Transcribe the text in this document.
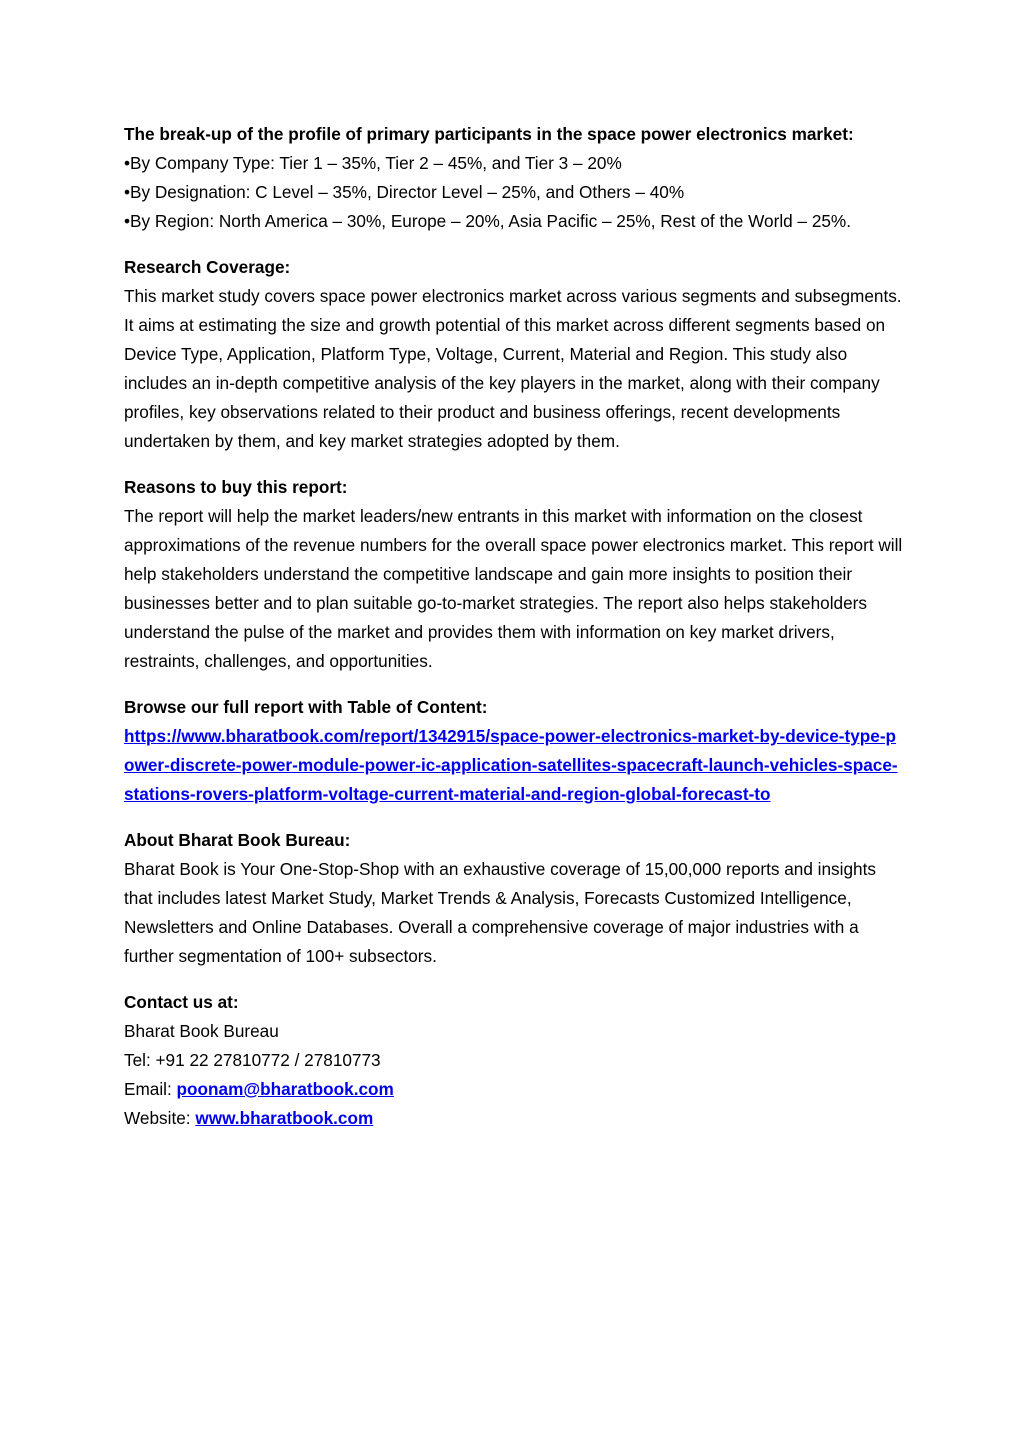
The break-up of the profile of primary participants in the space power electronics market:
•By Company Type: Tier 1 – 35%, Tier 2 – 45%, and Tier 3 – 20%
•By Designation: C Level – 35%, Director Level – 25%, and Others – 40%
•By Region: North America – 30%, Europe – 20%, Asia Pacific – 25%, Rest of the World – 25%.
Research Coverage:
This market study covers space power electronics market across various segments and subsegments. It aims at estimating the size and growth potential of this market across different segments based on Device Type, Application, Platform Type, Voltage, Current, Material and Region. This study also includes an in-depth competitive analysis of the key players in the market, along with their company profiles, key observations related to their product and business offerings, recent developments undertaken by them, and key market strategies adopted by them.
Reasons to buy this report:
The report will help the market leaders/new entrants in this market with information on the closest approximations of the revenue numbers for the overall space power electronics market. This report will help stakeholders understand the competitive landscape and gain more insights to position their businesses better and to plan suitable go-to-market strategies. The report also helps stakeholders understand the pulse of the market and provides them with information on key market drivers, restraints, challenges, and opportunities.
Browse our full report with Table of Content:
https://www.bharatbook.com/report/1342915/space-power-electronics-market-by-device-type-power-discrete-power-module-power-ic-application-satellites-spacecraft-launch-vehicles-space-stations-rovers-platform-voltage-current-material-and-region-global-forecast-to
About Bharat Book Bureau:
Bharat Book is Your One-Stop-Shop with an exhaustive coverage of 15,00,000 reports and insights that includes latest Market Study, Market Trends & Analysis, Forecasts Customized Intelligence, Newsletters and Online Databases. Overall a comprehensive coverage of major industries with a further segmentation of 100+ subsectors.
Contact us at:
Bharat Book Bureau
Tel: +91 22 27810772 / 27810773
Email: poonam@bharatbook.com
Website: www.bharatbook.com
